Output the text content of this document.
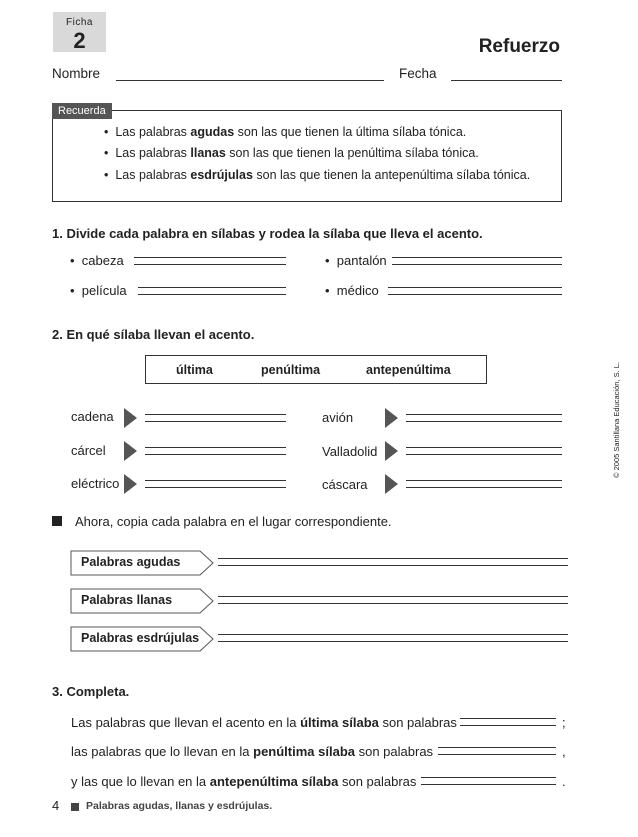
Ficha
2	Refuerzo
Nombre	Fecha
Recuerda
•  Las palabras agudas son las que tienen la última sílaba tónica.
•  Las palabras llanas son las que tienen la penúltima sílaba tónica.
•  Las palabras esdrújulas son las que tienen la antepenúltima sílaba tónica.
1. Divide cada palabra en sílabas y rodea la sílaba que lleva el acento.
•  cabeza	•  pantalón
•  película	•  médico
2. En qué sílaba llevan el acento.
última	penúltima	antepenúltima
cadena	avión
cárcel	Valladolid
eléctrico	cáscara
Ahora, copia cada palabra en el lugar correspondiente.
Palabras agudas
Palabras llanas
Palabras esdrújulas
3. Completa.
Las palabras que llevan el acento en la última sílaba son palabras	;
las palabras que lo llevan en la penúltima sílaba son palabras	,
y las que lo llevan en la antepenúltima sílaba son palabras	.
4	Palabras agudas, llanas y esdrújulas.
© 2005 Santillana Educación, S. L.
